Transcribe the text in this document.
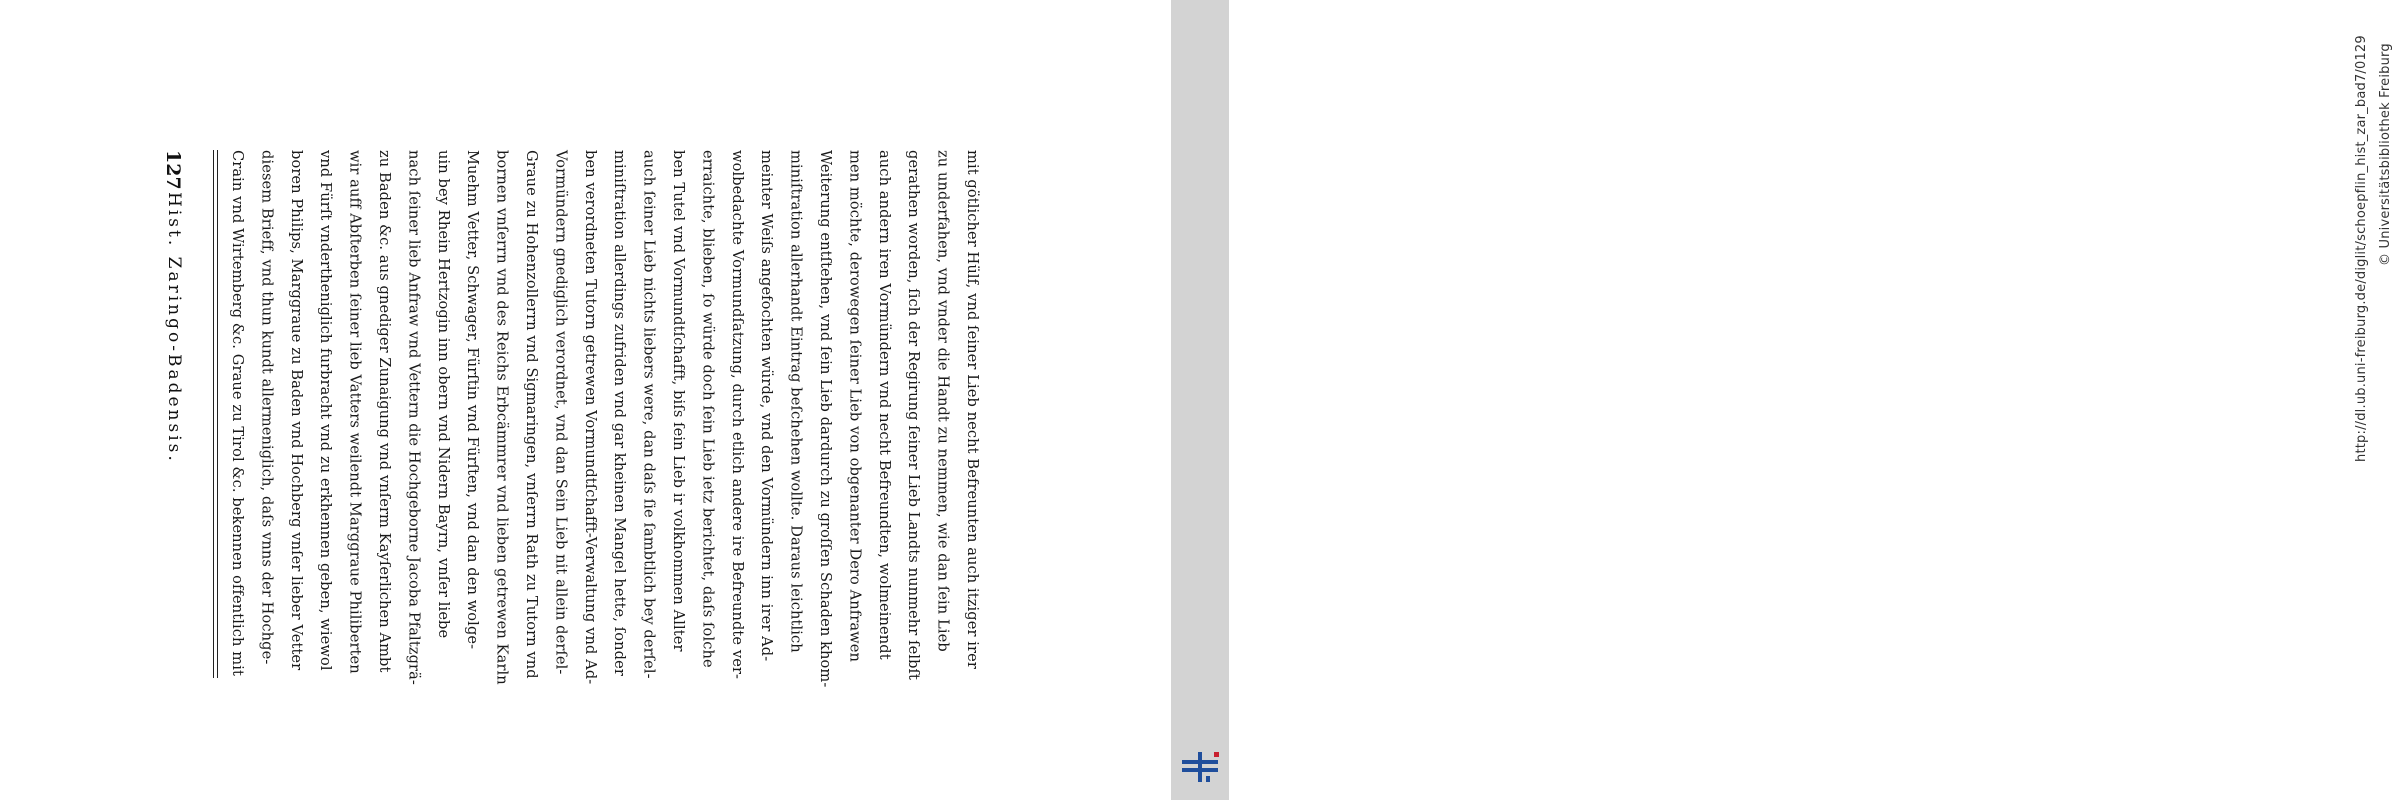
127
Hist. Zaringo-Badensis.	Crain vnd Wirtemberg &c. Graue zu Tirol &c. bekennen offentlich mit diesem Brieff, vnd thun kundt allermeniglich, daſs vnns der Hochge- boren Philips, Marggraue zu Baden vnd Hochberg vnſer lieber Vetter vnd Fürſt vndertheniglich furbracht vnd zu erkhennen geben, wiewol wir auff Abſterben ſeiner lieb Vatters weilendt Marggraue Philiberten zu Baden &c. aus gnediger Zunaigung vnd vnſerm Kayſerlichen Ambt nach ſeiner lieb Anfraw vnd Vettern die Hochgeborne Jacoba Pfaltzgrä- uin bey Rhein Hertzogin inn obern vnd Nidern Bayrn, vnſer liebe Muehm Vetter, Schwager, Fürſtin vnd Fürſten, vnd dan den wolge- bornen vnſerrn vnd des Reichs Erbcämmrer vnd lieben getrewen Karln Graue zu Hohenzollerrn vnd Sigmaringen, vnſerrn Rath zu Tutorn vnd Vormündern gnediglich verordnet, vnd dan Sein Lieb nit allein derſel- ben verordneten Tutorn getrewen Vormundtſchafft-Verwaltung vnd Ad- miniſtration allerdings zufriden vnd gar kheinen Mangel hette, ſonder auch ſeiner Lieb nichts liebers were, dan daſs ſie ſambtlich bey derſel- ben Tutel vnd Vormundtſchafft, biſs ſein Lieb ir volkhommen Allter erraichte, blieben, ſo würde doch ſein Lieb ietz berichtet, daſs ſolche wolbedachte Vormundſatzung, durch etlich andere ire Befreundte ver- meinter Weiſs angefochten würde, vnd den Vormündern inn irer Ad- miniſtration allerhandt Eintrag beſchehen wollte. Daraus leichtlich Weiterung entſtehen, vnd ſein Lieb dardurch zu groſſen Schaden khom- men möchte, derowegen ſeiner Lieb von obgenanter Dero Anfrawen auch andern iren Vormündern vnd necht Befreundten, wolmeinendt gerathen worden, ſich der Regirung ſeiner Lieb Landts nunmehr ſelbſt zu underfahen, vnd vnder die Handt zu nemmen, wie dan ſein Lieb mit götlicher Hülf, vnd ſeiner Lieb necht Befreunten auch itziger irer	http://dl.ub.uni-freiburg.de/diglit/schoepflin_hist_zar_bad7/0129 © Universitätsbibliothek Freiburg
